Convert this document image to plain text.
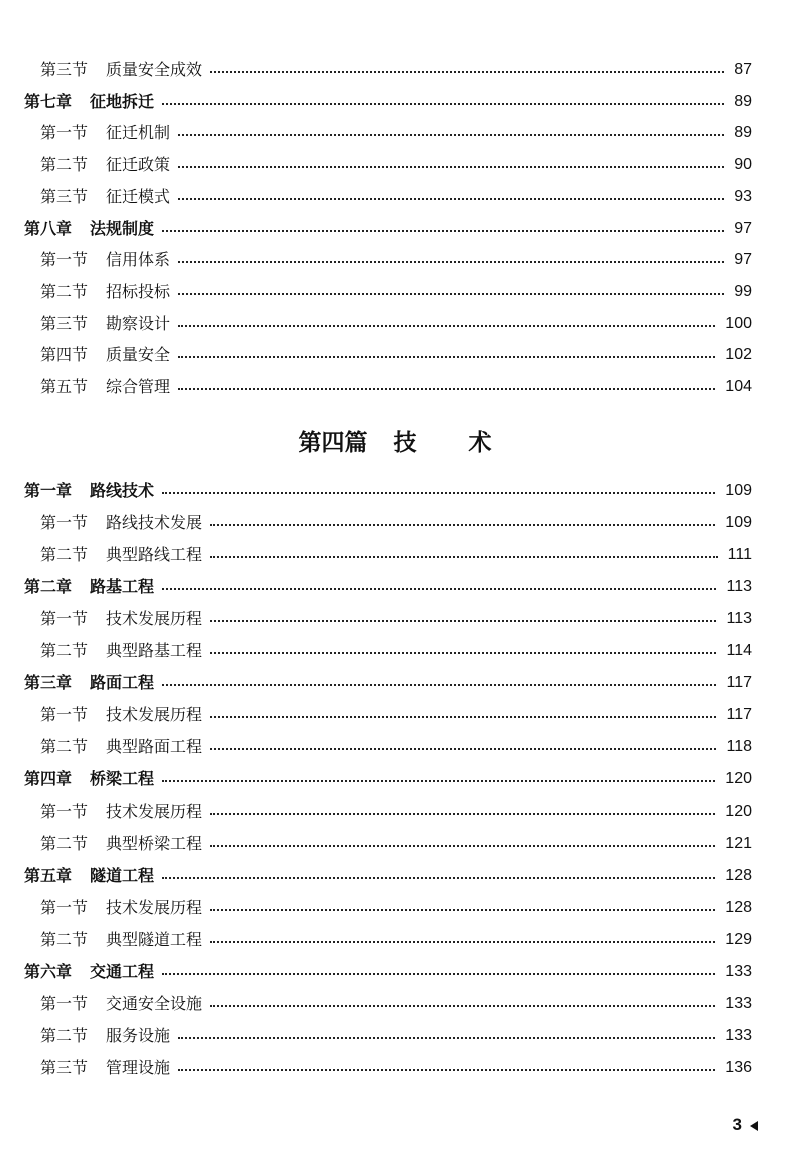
第三节 质量安全成效	87
第七章 征地拆迁	89
第一节 征迁机制	89
第二节 征迁政策	90
第三节 征迁模式	93
第八章 法规制度	97
第一节 信用体系	97
第二节 招标投标	99
第三节 勘察设计	100
第四节 质量安全	102
第五节 综合管理	104
第四篇 技 术
第一章 路线技术	109
第一节 路线技术发展	109
第二节 典型路线工程	111
第二章 路基工程	113
第一节 技术发展历程	113
第二节 典型路基工程	114
第三章 路面工程	117
第一节 技术发展历程	117
第二节 典型路面工程	118
第四章 桥梁工程	120
第一节 技术发展历程	120
第二节 典型桥梁工程	121
第五章 隧道工程	128
第一节 技术发展历程	128
第二节 典型隧道工程	129
第六章 交通工程	133
第一节 交通安全设施	133
第二节 服务设施	133
第三节 管理设施	136
3
